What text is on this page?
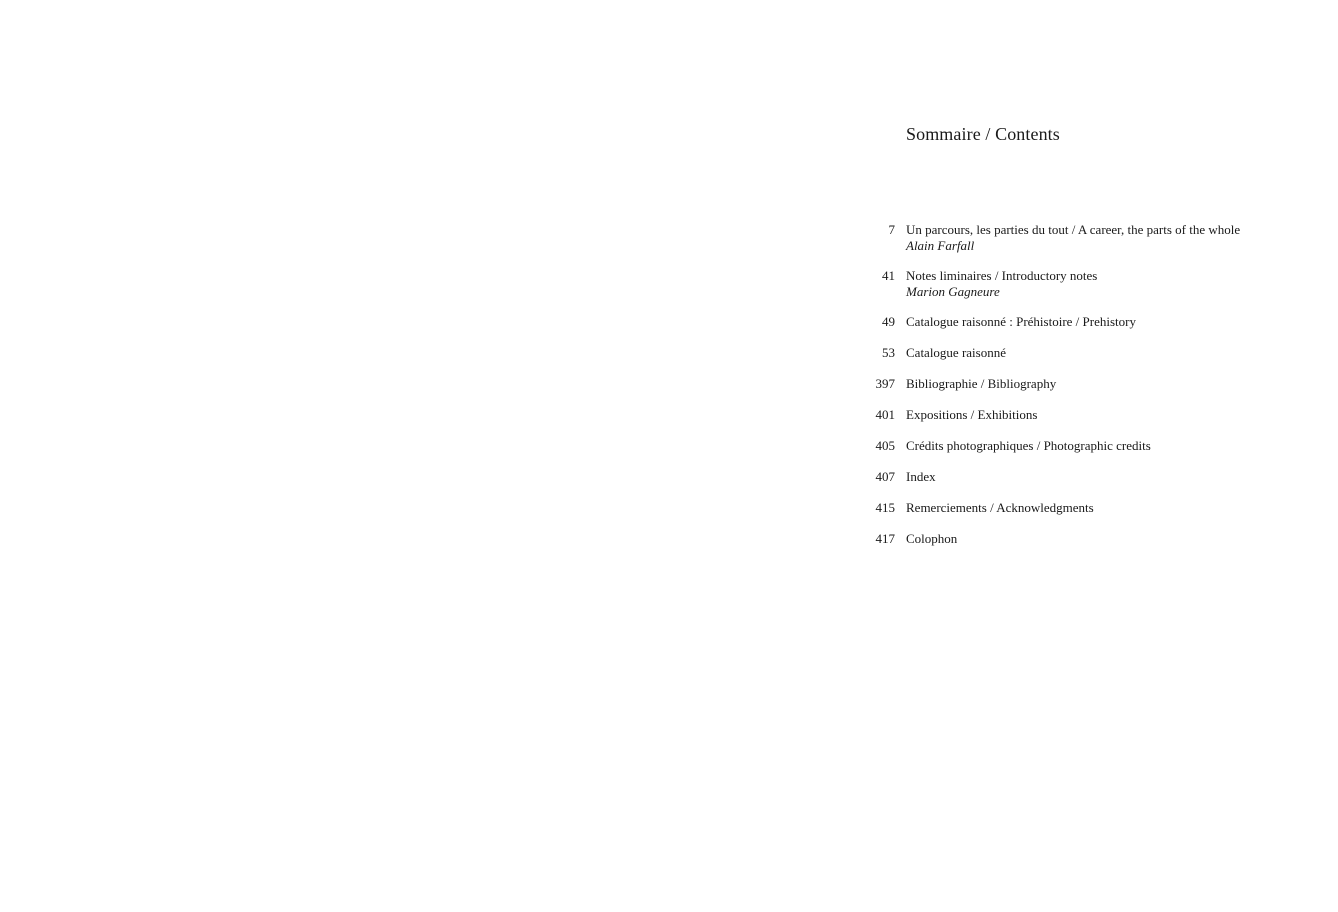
Sommaire / Contents
7 Un parcours, les parties du tout / A career, the parts of the whole
Alain Farfall
41 Notes liminaires / Introductory notes
Marion Gagneure
49 Catalogue raisonné : Préhistoire / Prehistory
53 Catalogue raisonné
397 Bibliographie / Bibliography
401 Expositions / Exhibitions
405 Crédits photographiques / Photographic credits
407 Index
415 Remerciements / Acknowledgments
417 Colophon
